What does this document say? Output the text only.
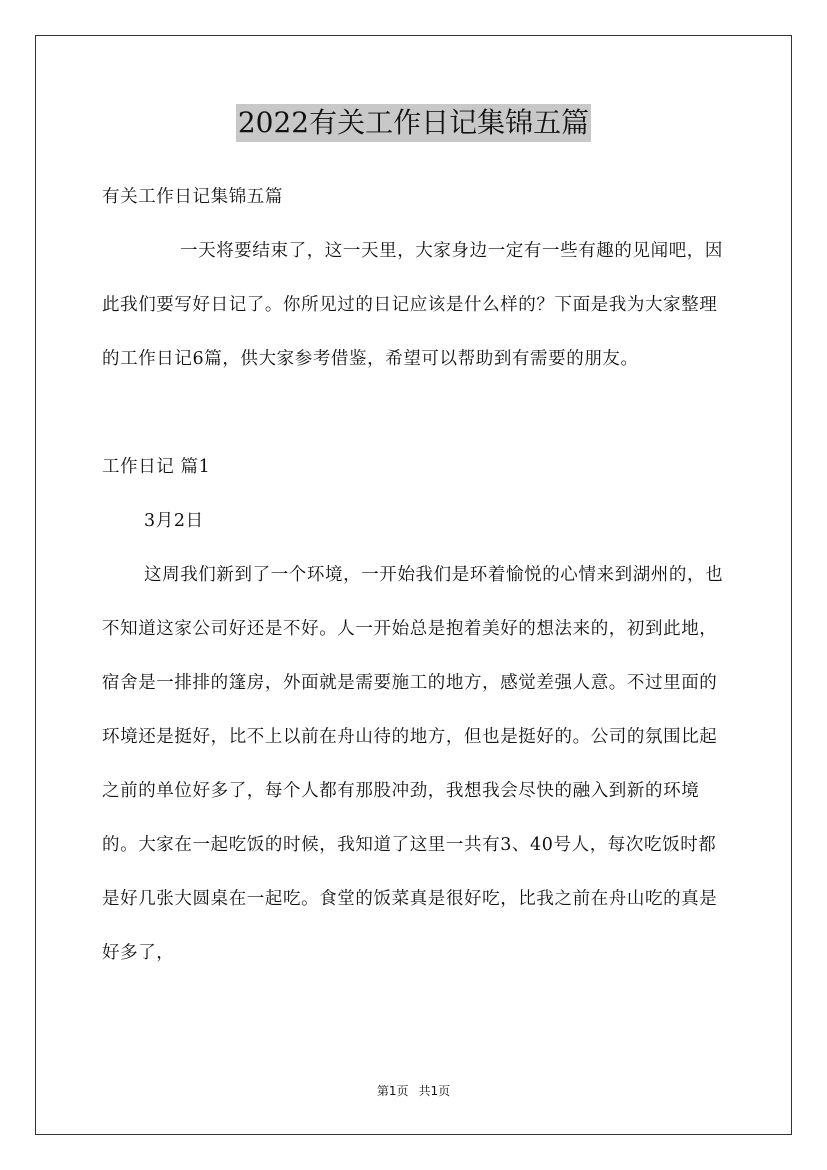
2022有关工作日记集锦五篇

有关工作日记集锦五篇

一天将要结束了，这一天里，大家身边一定有一些有趣的见闻吧，因此我们要写好日记了。你所见过的日记应该是什么样的？下面是我为大家整理的工作日记6篇，供大家参考借鉴，希望可以帮助到有需要的朋友。

工作日记 篇1

3月2日

这周我们新到了一个环境，一开始我们是环着愉悦的心情来到湖州的，也不知道这家公司好还是不好。人一开始总是抱着美好的想法来的，初到此地，宿舍是一排排的篷房，外面就是需要施工的地方，感觉差强人意。不过里面的环境还是挺好，比不上以前在舟山待的地方，但也是挺好的。公司的氛围比起之前的单位好多了，每个人都有那股冲劲，我想我会尽快的融入到新的环境的。大家在一起吃饭的时候，我知道了这里一共有3、40号人，每次吃饭时都是好几张大圆桌在一起吃。食堂的饭菜真是很好吃，比我之前在舟山吃的真是好多了，

第1页 共1页
